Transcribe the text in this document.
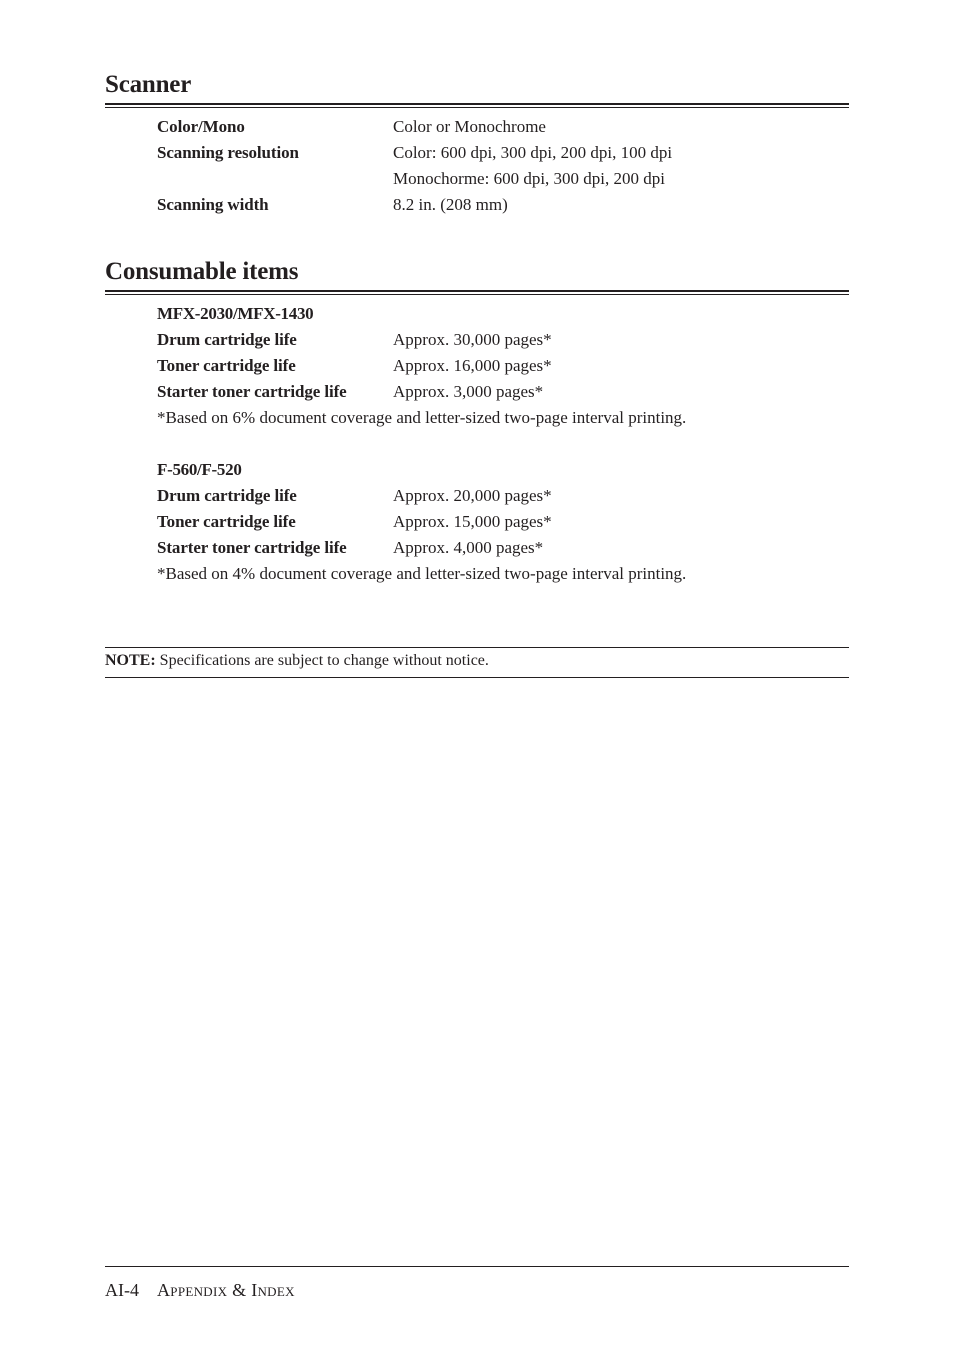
Scanner
Color/Mono	Color or Monochrome
Scanning resolution	Color: 600 dpi, 300 dpi, 200 dpi, 100 dpi
Monochorme: 600 dpi, 300 dpi, 200 dpi
Scanning width	8.2 in. (208 mm)
Consumable items
MFX-2030/MFX-1430
Drum cartridge life	Approx. 30,000 pages*
Toner cartridge life	Approx. 16,000 pages*
Starter toner cartridge life	Approx. 3,000 pages*
*Based on 6% document coverage and letter-sized two-page interval printing.
F-560/F-520
Drum cartridge life	Approx. 20,000 pages*
Toner cartridge life	Approx. 15,000 pages*
Starter toner cartridge life	Approx. 4,000 pages*
*Based on 4% document coverage and letter-sized two-page interval printing.
NOTE: Specifications are subject to change without notice.
AI-4 Appendix & Index
